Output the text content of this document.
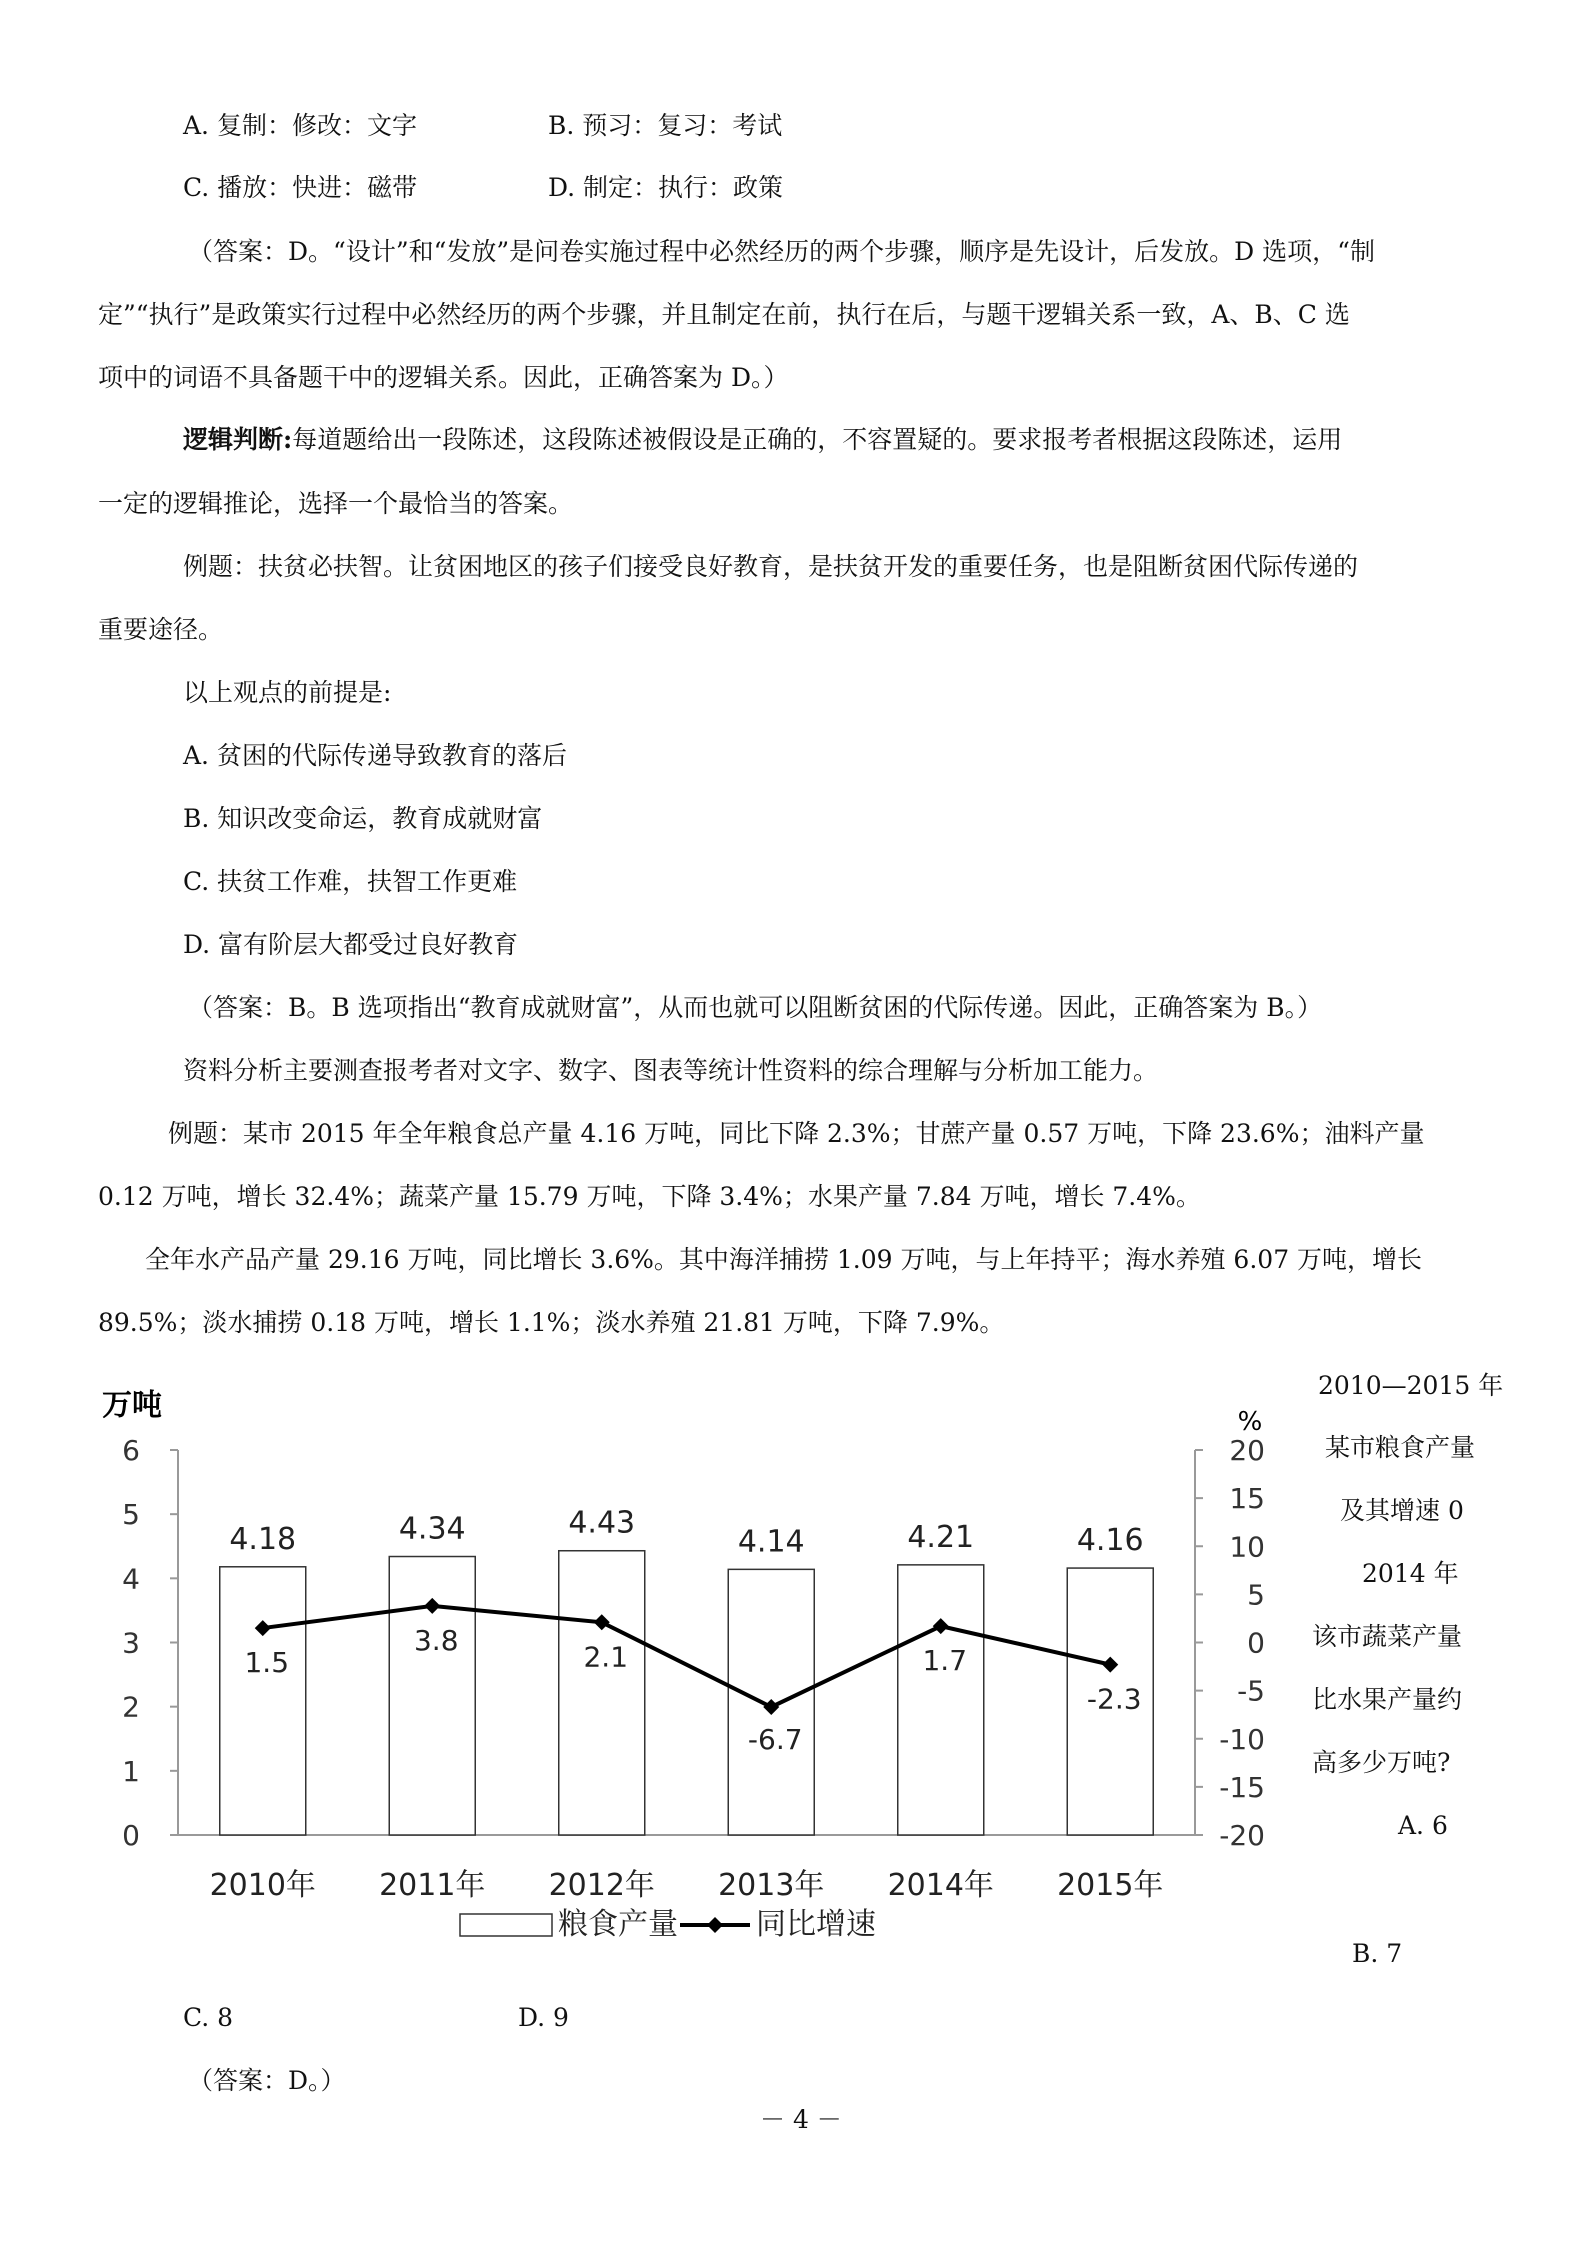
A. 复制：修改：文字	B. 预习：复习：考试
C. 播放：快进：磁带	D. 制定：执行：政策
（答案：D。“设计”和“发放”是问卷实施过程中必然经历的两个步骤，顺序是先设计，后发放。D 选项，“制
定”“执行”是政策实行过程中必然经历的两个步骤，并且制定在前，执行在后，与题干逻辑关系一致，A、B、C 选
项中的词语不具备题干中的逻辑关系。因此，正确答案为 D。）
逻辑判断:每道题给出一段陈述，这段陈述被假设是正确的，不容置疑的。要求报考者根据这段陈述，运用
一定的逻辑推论，选择一个最恰当的答案。
例题：扶贫必扶智。让贫困地区的孩子们接受良好教育，是扶贫开发的重要任务，也是阻断贫困代际传递的
重要途径。
以上观点的前提是:
A. 贫困的代际传递导致教育的落后
B. 知识改变命运，教育成就财富
C. 扶贫工作难，扶智工作更难
D. 富有阶层大都受过良好教育
（答案：B。B 选项指出“教育成就财富”，从而也就可以阻断贫困的代际传递。因此，正确答案为 B。）
资料分析主要测查报考者对文字、数字、图表等统计性资料的综合理解与分析加工能力。
例题：某市 2015 年全年粮食总产量 4.16 万吨，同比下降 2.3%；甘蔗产量 0.57 万吨，下降 23.6%；油料产量
0.12 万吨，增长 32.4%；蔬菜产量 15.79 万吨，下降 3.4%；水果产量 7.84 万吨，增长 7.4%。
全年水产品产量 29.16 万吨，同比增长 3.6%。其中海洋捕捞 1.09 万吨，与上年持平；海水养殖 6.07 万吨，增长
89.5%；淡水捕捞 0.18 万吨，增长 1.1%；淡水养殖 21.81 万吨，下降 7.9%。
2010—2015 年
某市粮食产量
及其增速 0
2014 年
该市蔬菜产量
比水果产量约
高多少万吨?
A. 6
B. 7
C. 8	D. 9
（答案：D。）
万吨	%
0
1
2
3
4
5
6
-20
-15
-10
-5
0
5
10
15
20
2010年 2011年 2012年 2013年 2014年 2015年
4.18	4.34	4.43
4.14	4.21	4.16
1.5
3.8	2.1
-6.7
1.7
-2.3
粮食产量	同比增速
－ 4 －
